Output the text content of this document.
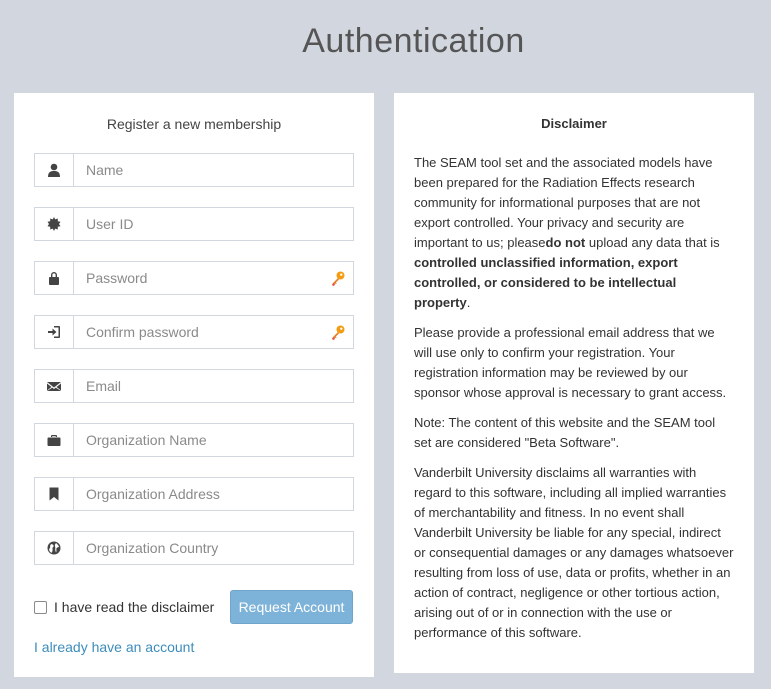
Authentication
Register a new membership
Name
User ID
Email
Organization Name
Organization Address
Organization Country
I have read the disclaimer	Request Account
I already have an account
Disclaimer

The SEAM tool set and the associated models have been prepared for the Radiation Effects research community for informational purposes that are not export controlled. Your privacy and security are important to us; pleasedo not upload any data that is controlled unclassified information, export controlled, or considered to be intellectual property.

Please provide a professional email address that we will use only to confirm your registration. Your registration information may be reviewed by our sponsor whose approval is necessary to grant access.

Note: The content of this website and the SEAM tool set are considered "Beta Software".

Vanderbilt University disclaims all warranties with regard to this software, including all implied warranties of merchantability and fitness. In no event shall Vanderbilt University be liable for any special, indirect or consequential damages or any damages whatsoever resulting from loss of use, data or profits, whether in an action of contract, negligence or other tortious action, arising out of or in connection with the use or performance of this software.
